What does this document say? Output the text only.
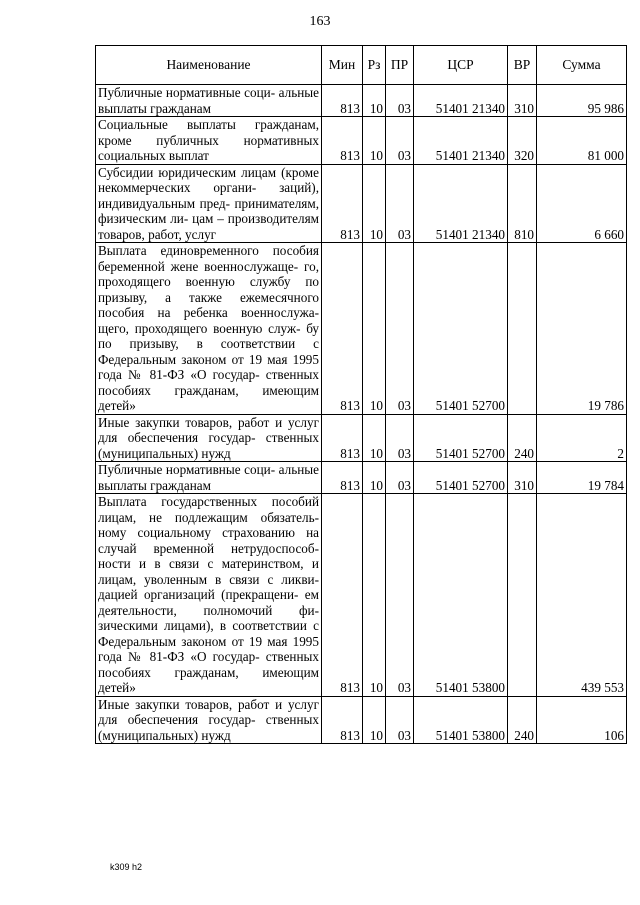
163
Наименование	Мин	Рз	ПР	ЦСР	ВР	Сумма
Публичные нормативные соци- альные выплаты гражданам	813	10	03	51401 21340	310	95 986
Социальные выплаты гражданам, кроме публичных нормативных социальных выплат	813	10	03	51401 21340	320	81 000
Субсидии юридическим лицам (кроме некоммерческих органи- заций), индивидуальным пред- принимателям, физическим ли- цам – производителям товаров, работ, услуг	813	10	03	51401 21340	810	6 660
Выплата единовременного пособия беременной жене военнослужаще- го, проходящего военную службу по призыву, а также ежемесячного пособия на ребенка военнослужа- щего, проходящего военную служ- бу по призыву, в соответствии с Федеральным законом от 19 мая 1995 года № 81-ФЗ «О государ- ственных пособиях гражданам, имеющим детей»	813	10	03	51401 52700		19 786
Иные закупки товаров, работ и услуг для обеспечения государ- ственных (муниципальных) нужд	813	10	03	51401 52700	240	2
Публичные нормативные соци- альные выплаты гражданам	813	10	03	51401 52700	310	19 784
Выплата государственных пособий лицам, не подлежащим обязатель- ному социальному страхованию на случай временной нетрудоспособ- ности и в связи с материнством, и лицам, уволенным в связи с ликви- дацией организаций (прекращени- ем деятельности, полномочий фи- зическими лицами), в соответствии с Федеральным законом от 19 мая 1995 года № 81-ФЗ «О государ- ственных пособиях гражданам, имеющим детей»	813	10	03	51401 53800		439 553
Иные закупки товаров, работ и услуг для обеспечения государ- ственных (муниципальных) нужд	813	10	03	51401 53800	240	106
k309 h2
